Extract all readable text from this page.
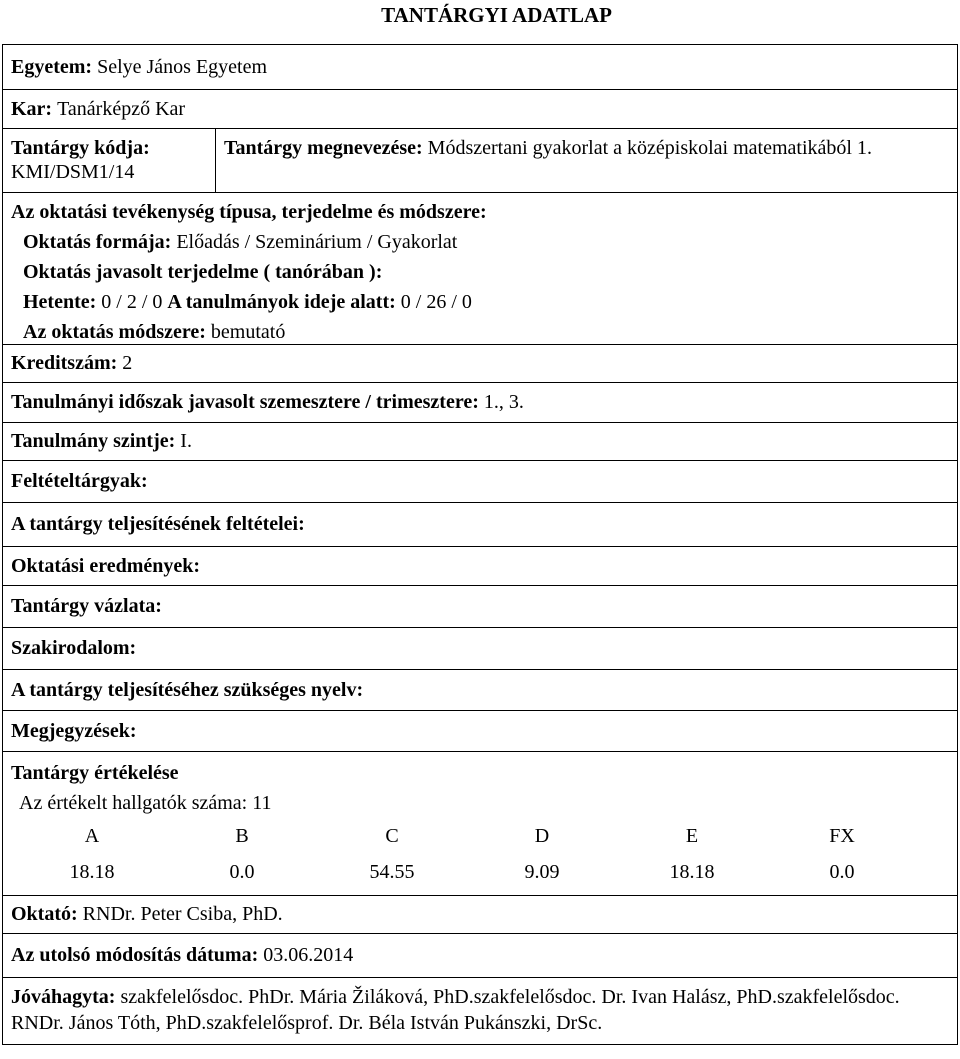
TANTÁRGYI ADATLAP
Egyetem:
Selye János Egyetem
Kar:
Tanárképző Kar
Tantárgy kódja:
KMI/DSM1/14
Tantárgy megnevezése: Módszertani gyakorlat a középiskolai matematikából 1.
Az oktatási tevékenység típusa, terjedelme és módszere:
Oktatás formája: Előadás / Szeminárium / Gyakorlat
Oktatás javasolt terjedelme ( tanórában ):
Hetente: 0 / 2 / 0 A tanulmányok ideje alatt: 0 / 26 / 0
Az oktatás módszere: bemutató
Kreditszám:
2
Tanulmányi időszak javasolt szemesztere / trimesztere:
1., 3.
Tanulmány szintje:
I.
Feltételtárgyak:
A tantárgy teljesítésének feltételei:
Oktatási eredmények:
Tantárgy vázlata:
Szakirodalom:
A tantárgy teljesítéséhez szükséges nyelv:
Megjegyzések:
Tantárgy értékelése
Az értékelt hallgatók száma: 11
A	B	C	D	E	FX
18.18	0.0	54.55	9.09	18.18	0.0
Oktató:
RNDr. Peter Csiba, PhD.
Az utolsó módosítás dátuma:
03.06.2014
Jóváhagyta: szakfelelősdoc. PhDr. Mária Žiláková, PhD.szakfelelősdoc. Dr. Ivan Halász, PhD.szakfelelősdoc. RNDr. János Tóth, PhD.szakfelelősprof. Dr. Béla István Pukánszki, DrSc.
